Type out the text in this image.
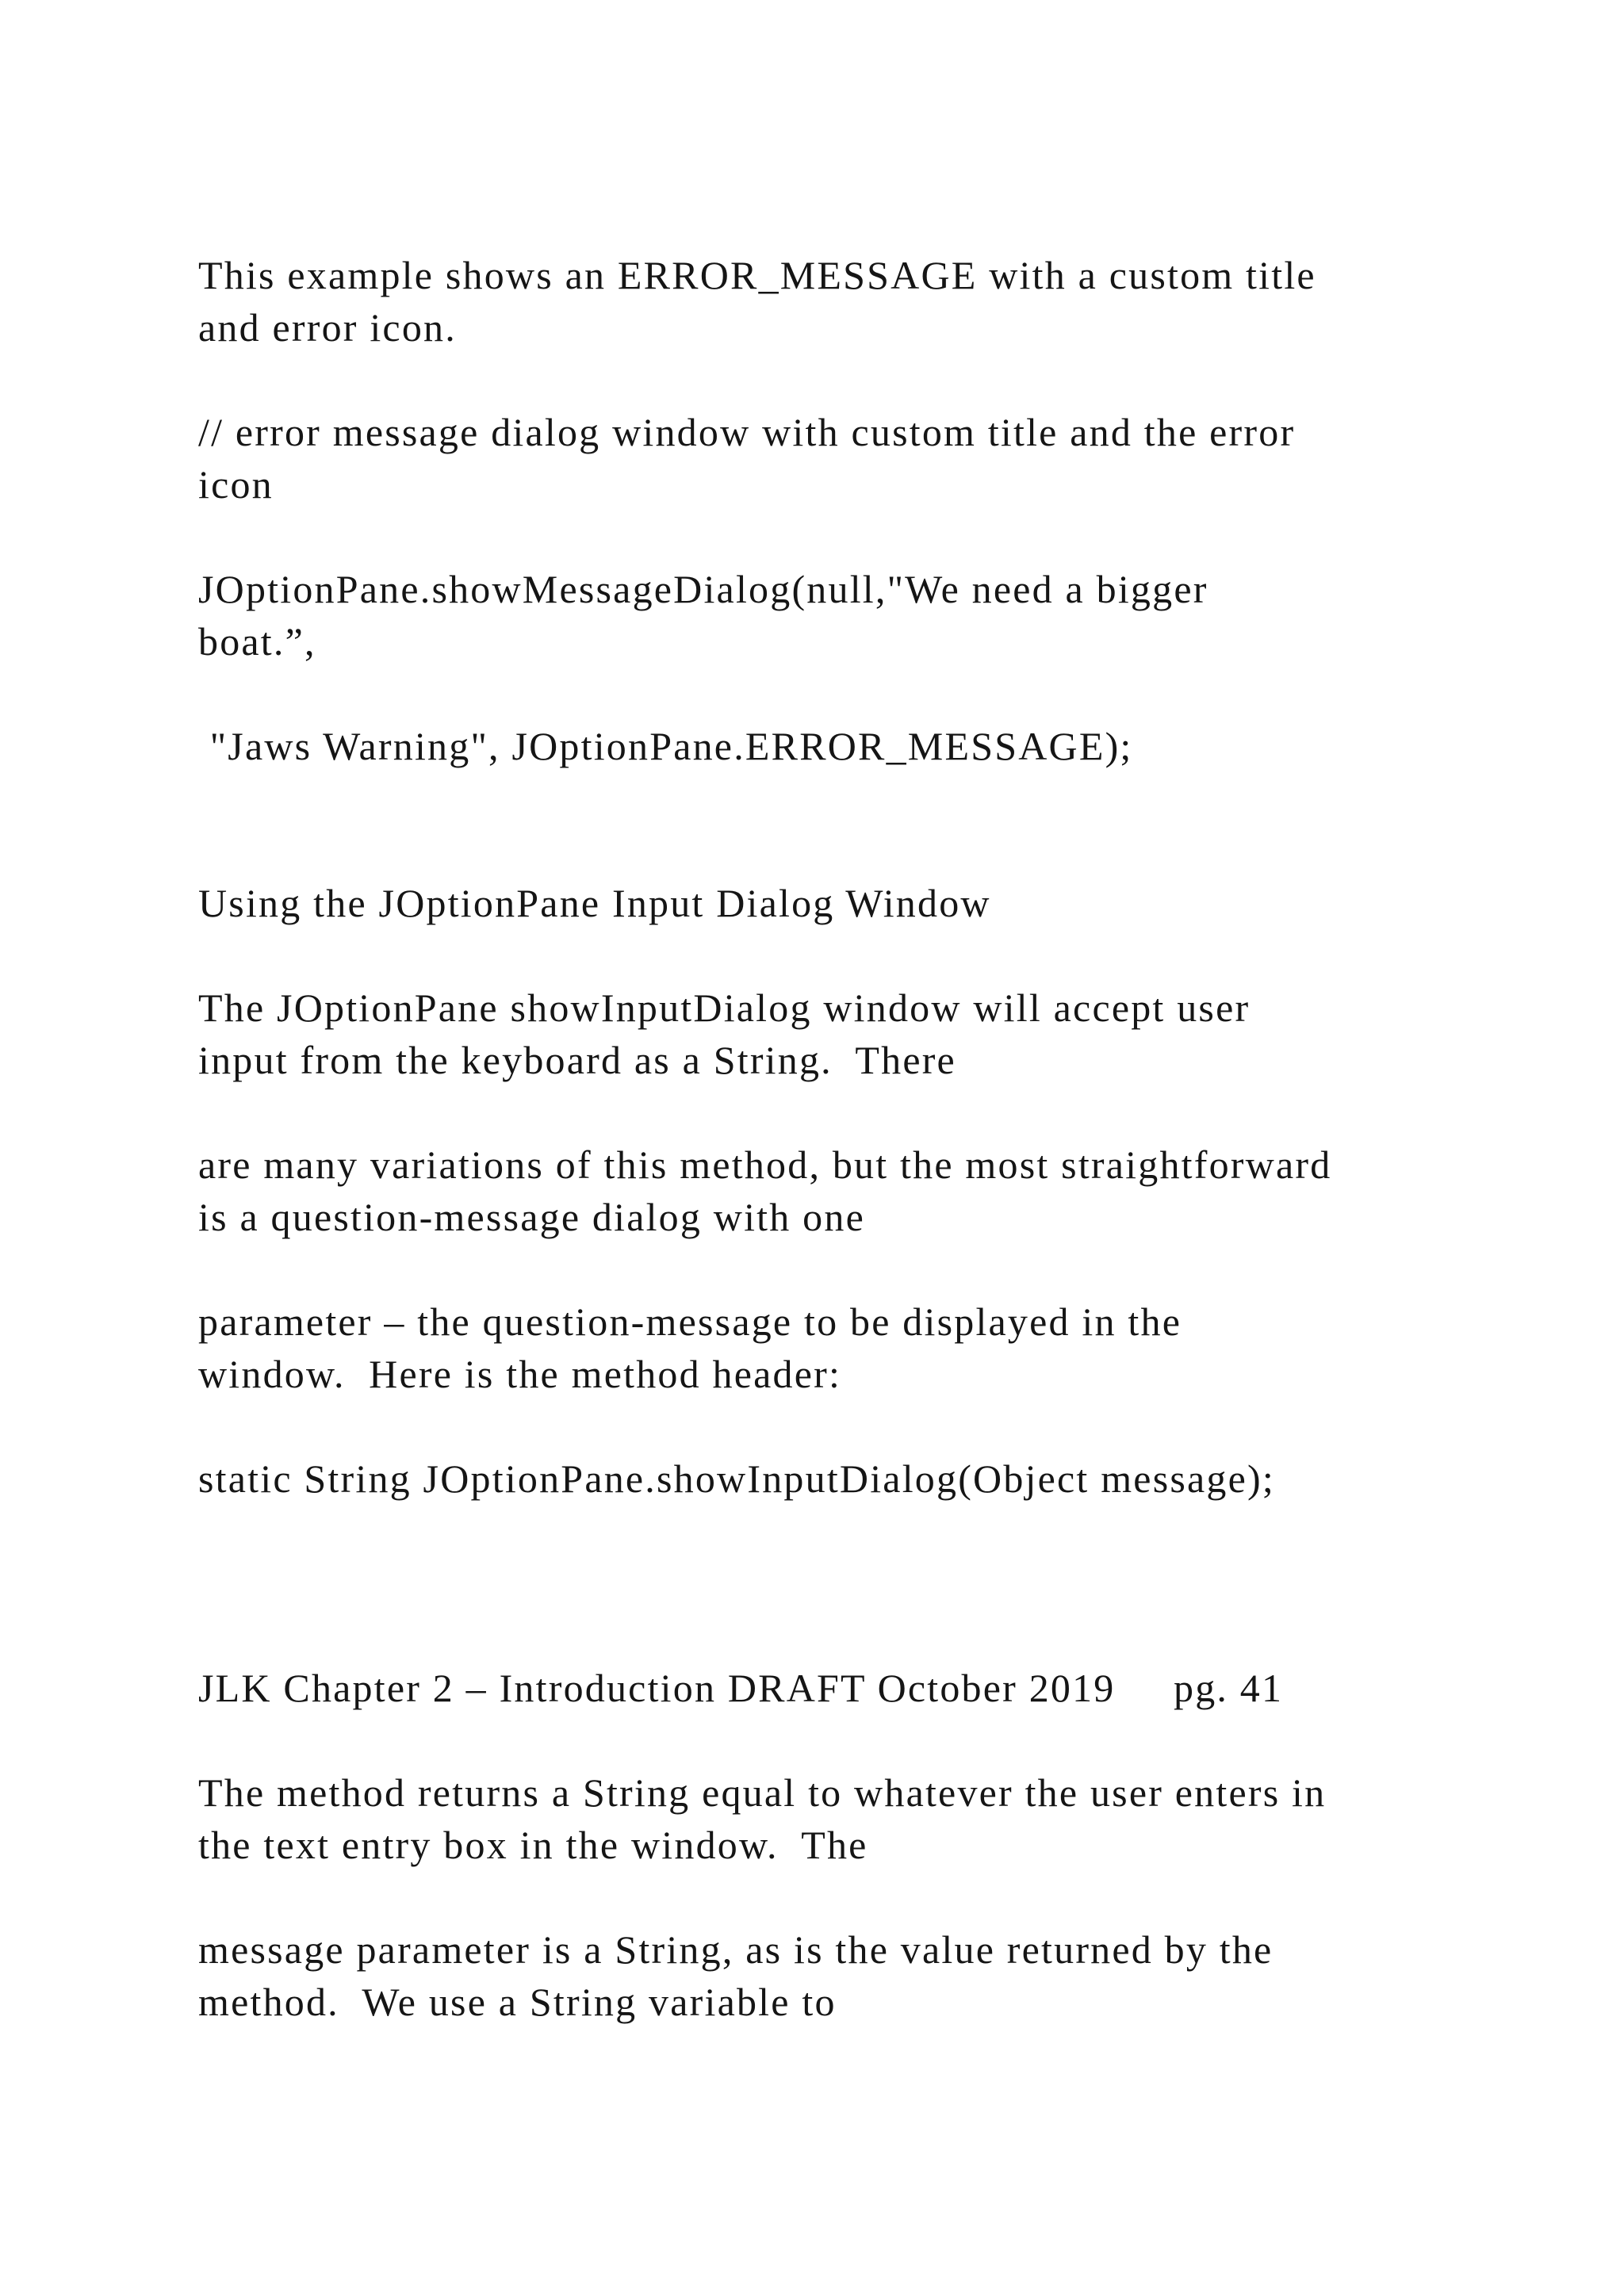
This example shows an ERROR_MESSAGE with a custom title
and error icon.

// error message dialog window with custom title and the error
icon

JOptionPane.showMessageDialog(null,"We need a bigger
boat.”,

"Jaws Warning", JOptionPane.ERROR_MESSAGE);

Using the JOptionPane Input Dialog Window

The JOptionPane showInputDialog window will accept user
input from the keyboard as a String.  There

are many variations of this method, but the most straightforward
is a question-message dialog with one

parameter – the question-message to be displayed in the
window.  Here is the method header:

static String JOptionPane.showInputDialog(Object message);

JLK Chapter 2 – Introduction DRAFT October 2019     pg. 41

The method returns a String equal to whatever the user enters in
the text entry box in the window.  The

message parameter is a String, as is the value returned by the
method.  We use a String variable to
